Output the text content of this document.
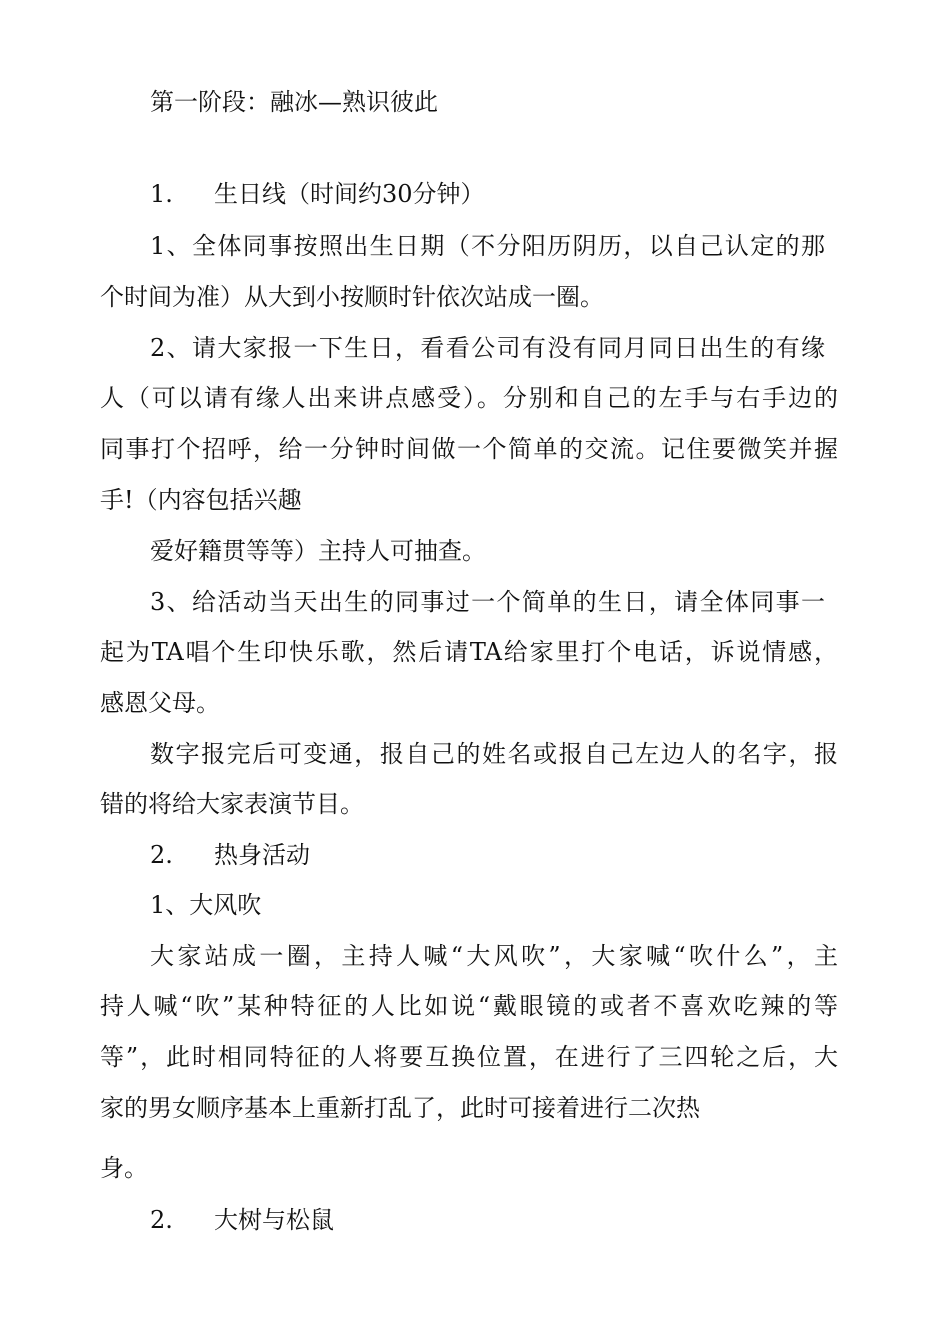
第一阶段：融冰—熟识彼此
1. 生日线（时间约30分钟）
1、全体同事按照出生日期（不分阳历阴历，以自己认定的那
个时间为准）从大到小按顺时针依次站成一圈。
2、请大家报一下生日，看看公司有没有同月同日出生的有缘
人（可以请有缘人出来讲点感受）。分别和自己的左手与右手边的
同事打个招呼，给一分钟时间做一个简单的交流。记住要微笑并握
手!（内容包括兴趣
爱好籍贯等等）主持人可抽查。
3、给活动当天出生的同事过一个简单的生日，请全体同事一
起为TA唱个生印快乐歌，然后请TA给家里打个电话，诉说情感，
感恩父母。
数字报完后可变通，报自己的姓名或报自己左边人的名字，报
错的将给大家表演节目。
2. 热身活动
1、大风吹
大家站成一圈，主持人喊“大风吹”，大家喊“吹什么”，主
持人喊“吹”某种特征的人比如说“戴眼镜的或者不喜欢吃辣的等
等”，此时相同特征的人将要互换位置，在进行了三四轮之后，大
家的男女顺序基本上重新打乱了，此时可接着进行二次热
身。
2. 大树与松鼠
